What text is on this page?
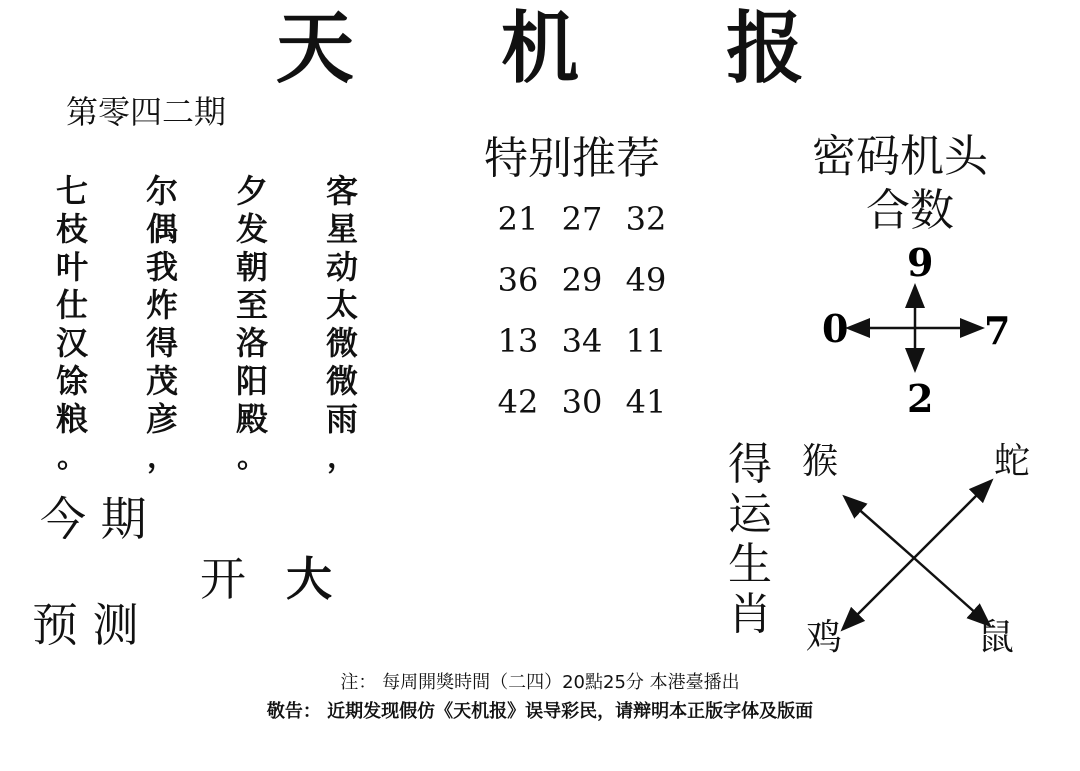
天 机 报
第零四二期
七
枝
叶
仕
汉
馀
粮
。
尔
偶
我
炸
得
茂
彦
，
夕
发
朝
至
洛
阳
殿
。
客
星
动
太
微
微
雨
，
今 期
开 大
预 测
特别推荐
21 27 32
36 29 49
13 34 11
42 30 41
密码机头
合数
9
0	7
2
得
运
生
肖
猴	蛇
鸡	鼠
注： 每周開獎時間（二四）20點25分 本港臺播出
敬告： 近期发现假仿《天机报》误导彩民，请辩明本正版字体及版面
